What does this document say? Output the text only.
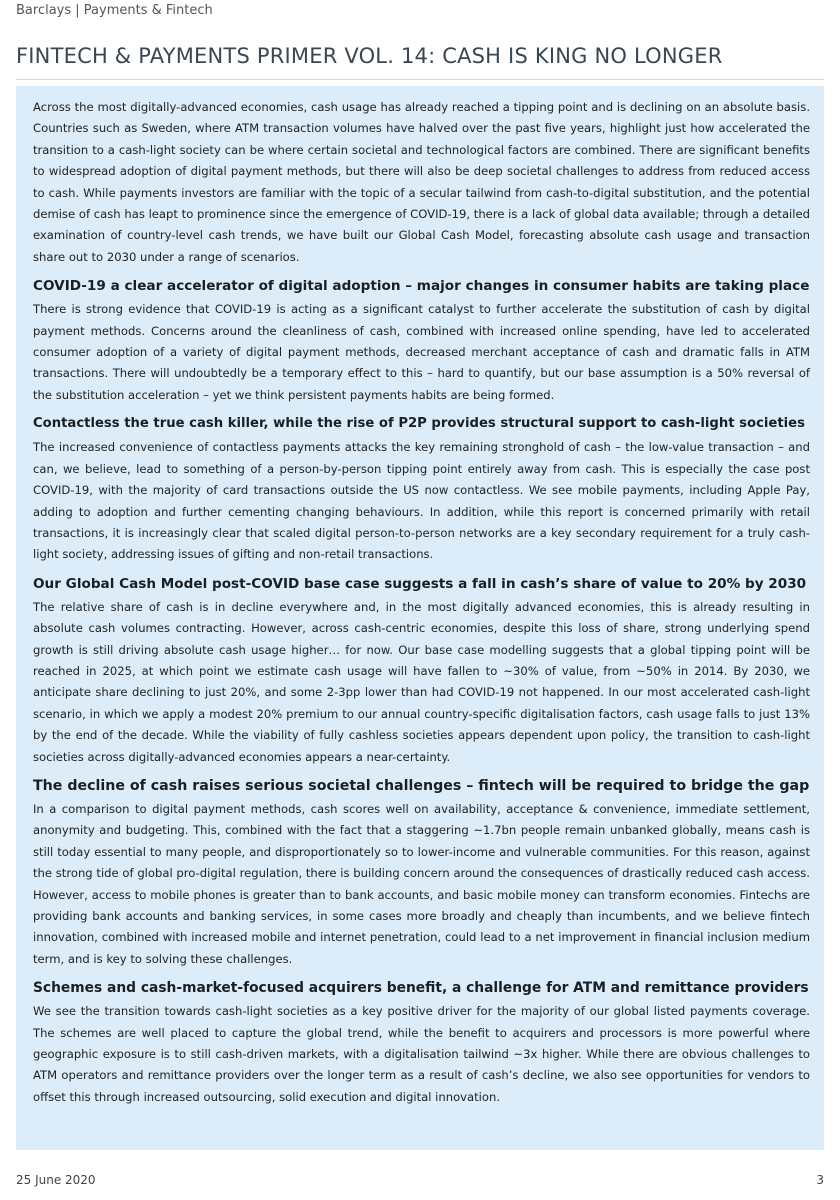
Barclays | Payments & Fintech
FINTECH & PAYMENTS PRIMER VOL. 14: CASH IS KING NO LONGER

Across the most digitally-advanced economies, cash usage has already reached a tipping point and is declining on an absolute basis. Countries such as Sweden, where ATM transaction volumes have halved over the past five years, highlight just how accelerated the transition to a cash-light society can be where certain societal and technological factors are combined. There are significant benefits to widespread adoption of digital payment methods, but there will also be deep societal challenges to address from reduced access to cash. While payments investors are familiar with the topic of a secular tailwind from cash-to-digital substitution, and the potential demise of cash has leapt to prominence since the emergence of COVID-19, there is a lack of global data available; through a detailed examination of country-level cash trends, we have built our Global Cash Model, forecasting absolute cash usage and transaction share out to 2030 under a range of scenarios.

COVID-19 a clear accelerator of digital adoption – major changes in consumer habits are taking place

There is strong evidence that COVID-19 is acting as a significant catalyst to further accelerate the substitution of cash by digital payment methods. Concerns around the cleanliness of cash, combined with increased online spending, have led to accelerated consumer adoption of a variety of digital payment methods, decreased merchant acceptance of cash and dramatic falls in ATM transactions. There will undoubtedly be a temporary effect to this – hard to quantify, but our base assumption is a 50% reversal of the substitution acceleration – yet we think persistent payments habits are being formed.

Contactless the true cash killer, while the rise of P2P provides structural support to cash-light societies

The increased convenience of contactless payments attacks the key remaining stronghold of cash – the low-value transaction – and can, we believe, lead to something of a person-by-person tipping point entirely away from cash. This is especially the case post COVID-19, with the majority of card transactions outside the US now contactless. We see mobile payments, including Apple Pay, adding to adoption and further cementing changing behaviours. In addition, while this report is concerned primarily with retail transactions, it is increasingly clear that scaled digital person-to-person networks are a key secondary requirement for a truly cash-light society, addressing issues of gifting and non-retail transactions.

Our Global Cash Model post-COVID base case suggests a fall in cash’s share of value to 20% by 2030

The relative share of cash is in decline everywhere and, in the most digitally advanced economies, this is already resulting in absolute cash volumes contracting. However, across cash-centric economies, despite this loss of share, strong underlying spend growth is still driving absolute cash usage higher… for now. Our base case modelling suggests that a global tipping point will be reached in 2025, at which point we estimate cash usage will have fallen to ~30% of value, from ~50% in 2014. By 2030, we anticipate share declining to just 20%, and some 2-3pp lower than had COVID-19 not happened. In our most accelerated cash-light scenario, in which we apply a modest 20% premium to our annual country-specific digitalisation factors, cash usage falls to just 13% by the end of the decade. While the viability of fully cashless societies appears dependent upon policy, the transition to cash-light societies across digitally-advanced economies appears a near-certainty.

The decline of cash raises serious societal challenges – fintech will be required to bridge the gap

In a comparison to digital payment methods, cash scores well on availability, acceptance & convenience, immediate settlement, anonymity and budgeting. This, combined with the fact that a staggering ~1.7bn people remain unbanked globally, means cash is still today essential to many people, and disproportionately so to lower-income and vulnerable communities. For this reason, against the strong tide of global pro-digital regulation, there is building concern around the consequences of drastically reduced cash access. However, access to mobile phones is greater than to bank accounts, and basic mobile money can transform economies. Fintechs are providing bank accounts and banking services, in some cases more broadly and cheaply than incumbents, and we believe fintech innovation, combined with increased mobile and internet penetration, could lead to a net improvement in financial inclusion medium term, and is key to solving these challenges.

Schemes and cash-market-focused acquirers benefit, a challenge for ATM and remittance providers

We see the transition towards cash-light societies as a key positive driver for the majority of our global listed payments coverage. The schemes are well placed to capture the global trend, while the benefit to acquirers and processors is more powerful where geographic exposure is to still cash-driven markets, with a digitalisation tailwind ~3x higher. While there are obvious challenges to ATM operators and remittance providers over the longer term as a result of cash’s decline, we also see opportunities for vendors to offset this through increased outsourcing, solid execution and digital innovation.

25 June 2020	3
